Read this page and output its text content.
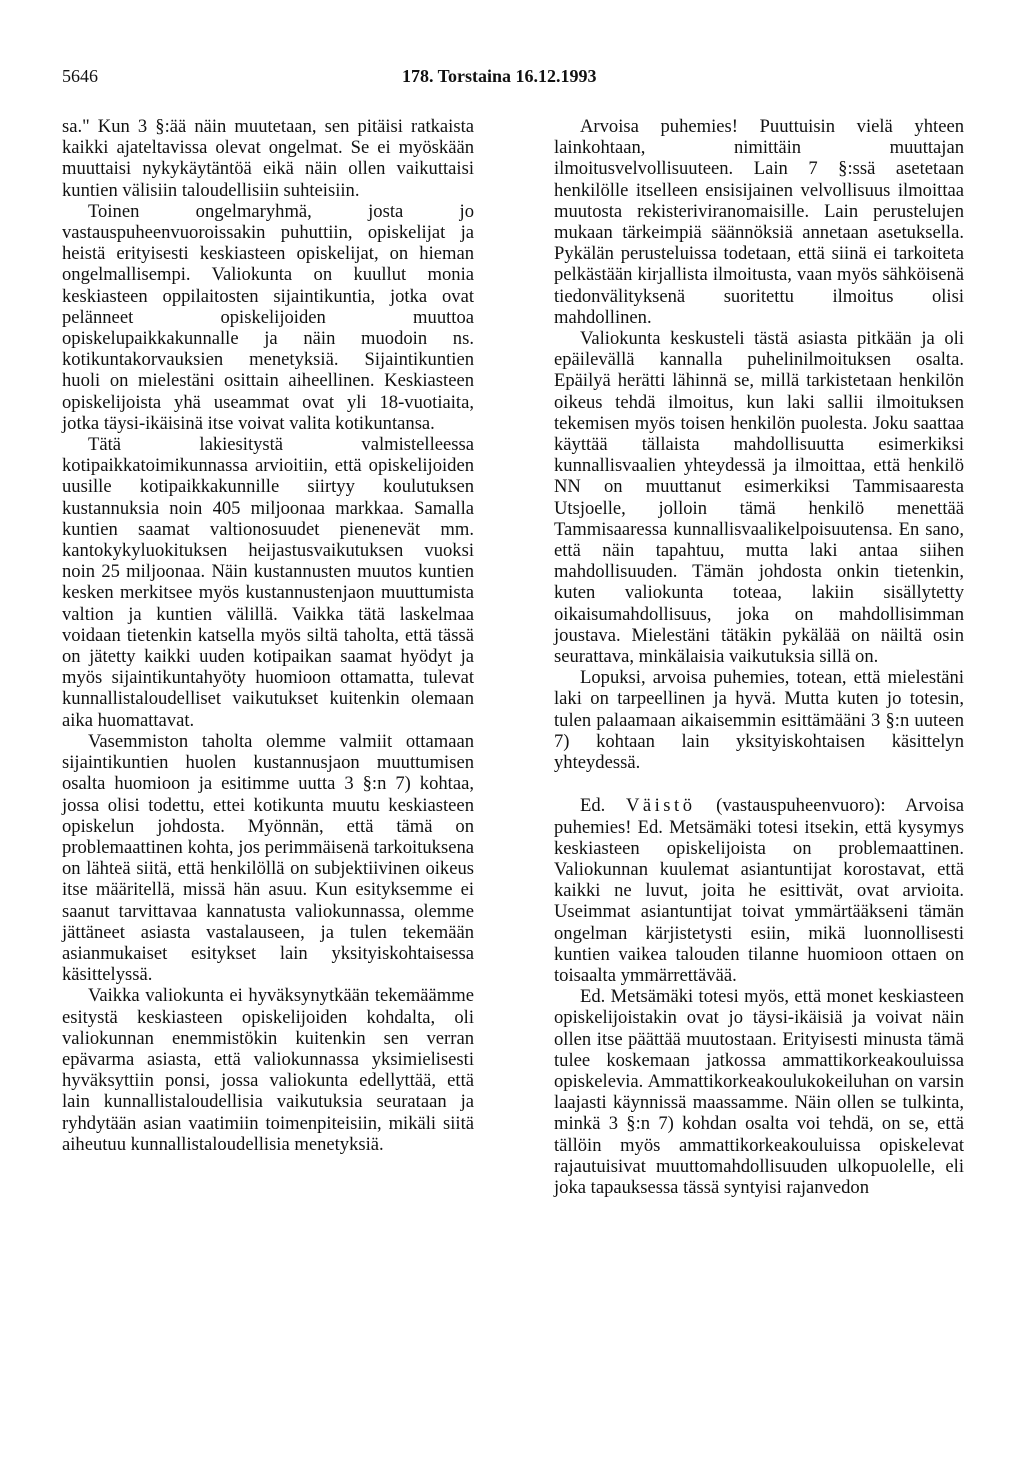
5646	178. Torstaina 16.12.1993

sa." Kun 3 §:ää näin muutetaan, sen pitäisi ratkaista kaikki ajateltavissa olevat ongelmat. Se ei myöskään muuttaisi nykykäytäntöä eikä näin ollen vaikuttaisi kuntien välisiin taloudellisiin suhteisiin.

Toinen ongelmaryhmä, josta jo vastauspuheenvuoroissakin puhuttiin, opiskelijat ja heistä erityisesti keskiasteen opiskelijat, on hieman ongelmallisempi. Valiokunta on kuullut monia keskiasteen oppilaitosten sijaintikuntia, jotka ovat pelänneet opiskelijoiden muuttoa opiskelupaikkakunnalle ja näin muodoin ns. kotikuntakorvauksien menetyksiä. Sijaintikuntien huoli on mielestäni osittain aiheellinen. Keskiasteen opiskelijoista yhä useammat ovat yli 18-vuotiaita, jotka täysi-ikäisinä itse voivat valita kotikuntansa.

Tätä lakiesitystä valmistelleessa kotipaikkatoimikunnassa arvioitiin, että opiskelijoiden uusille kotipaikkakunnille siirtyy koulutuksen kustannuksia noin 405 miljoonaa markkaa. Samalla kuntien saamat valtionosuudet pienenevät mm. kantokykyluokituksen heijastusvaikutuksen vuoksi noin 25 miljoonaa. Näin kustannusten muutos kuntien kesken merkitsee myös kustannustenjaon muuttumista valtion ja kuntien välillä. Vaikka tätä laskelmaa voidaan tietenkin katsella myös siltä taholta, että tässä on jätetty kaikki uuden kotipaikan saamat hyödyt ja myös sijaintikuntahyöty huomioon ottamatta, tulevat kunnallistaloudelliset vaikutukset kuitenkin olemaan aika huomattavat.

Vasemmiston taholta olemme valmiit ottamaan sijaintikuntien huolen kustannusjaon muuttumisen osalta huomioon ja esitimme uutta 3 §:n 7) kohtaa, jossa olisi todettu, ettei kotikunta muutu keskiasteen opiskelun johdosta. Myönnän, että tämä on problemaattinen kohta, jos perimmäisenä tarkoituksena on lähteä siitä, että henkilöllä on subjektiivinen oikeus itse määritellä, missä hän asuu. Kun esityksemme ei saanut tarvittavaa kannatusta valiokunnassa, olemme jättäneet asiasta vastalauseen, ja tulen tekemään asianmukaiset esitykset lain yksityiskohtaisessa käsittelyssä.

Vaikka valiokunta ei hyväksynytkään tekemäämme esitystä keskiasteen opiskelijoiden kohdalta, oli valiokunnan enemmistökin kuitenkin sen verran epävarma asiasta, että valiokunnassa yksimielisesti hyväksyttiin ponsi, jossa valiokunta edellyttää, että lain kunnallistaloudellisia vaikutuksia seurataan ja ryhdytään asian vaatimiin toimenpiteisiin, mikäli siitä aiheutuu kunnallistaloudellisia menetyksiä.

Arvoisa puhemies! Puuttuisin vielä yhteen lainkohtaan, nimittäin muuttajan ilmoitusvelvollisuuteen. Lain 7 §:ssä asetetaan henkilölle itselleen ensisijainen velvollisuus ilmoittaa muutosta rekisteriviranomaisille. Lain perustelujen mukaan tärkeimpiä säännöksiä annetaan asetuksella. Pykälän perusteluissa todetaan, että siinä ei tarkoiteta pelkästään kirjallista ilmoitusta, vaan myös sähköisenä tiedonvälityksenä suoritettu ilmoitus olisi mahdollinen.

Valiokunta keskusteli tästä asiasta pitkään ja oli epäilevällä kannalla puhelinilmoituksen osalta. Epäilyä herätti lähinnä se, millä tarkistetaan henkilön oikeus tehdä ilmoitus, kun laki sallii ilmoituksen tekemisen myös toisen henkilön puolesta. Joku saattaa käyttää tällaista mahdollisuutta esimerkiksi kunnallisvaalien yhteydessä ja ilmoittaa, että henkilö NN on muuttanut esimerkiksi Tammisaaresta Utsjoelle, jolloin tämä henkilö menettää Tammisaaressa kunnallisvaalikelpoisuutensa. En sano, että näin tapahtuu, mutta laki antaa siihen mahdollisuuden. Tämän johdosta onkin tietenkin, kuten valiokunta toteaa, lakiin sisällytetty oikaisumahdollisuus, joka on mahdollisimman joustava. Mielestäni tätäkin pykälää on näiltä osin seurattava, minkälaisia vaikutuksia sillä on.

Lopuksi, arvoisa puhemies, totean, että mielestäni laki on tarpeellinen ja hyvä. Mutta kuten jo totesin, tulen palaamaan aikaisemmin esittämääni 3 §:n uuteen 7) kohtaan lain yksityiskohtaisen käsittelyn yhteydessä.

Ed. Väistö (vastauspuheenvuoro): Arvoisa puhemies! Ed. Metsämäki totesi itsekin, että kysymys keskiasteen opiskelijoista on problemaattinen. Valiokunnan kuulemat asiantuntijat korostavat, että kaikki ne luvut, joita he esittivät, ovat arvioita. Useimmat asiantuntijat toivat ymmärtääkseni tämän ongelman kärjistetysti esiin, mikä luonnollisesti kuntien vaikea talouden tilanne huomioon ottaen on toisaalta ymmärrettävää.

Ed. Metsämäki totesi myös, että monet keskiasteen opiskelijoistakin ovat jo täysi-ikäisiä ja voivat näin ollen itse päättää muutostaan. Erityisesti minusta tämä tulee koskemaan jatkossa ammattikorkeakouluissa opiskelevia. Ammattikorkeakoulukokeiluhan on varsin laajasti käynnissä maassamme. Näin ollen se tulkinta, minkä 3 §:n 7) kohdan osalta voi tehdä, on se, että tällöin myös ammattikorkeakouluissa opiskelevat rajautuisivat muuttomahdollisuuden ulkopuolelle, eli joka tapauksessa tässä syntyisi rajanvedon
